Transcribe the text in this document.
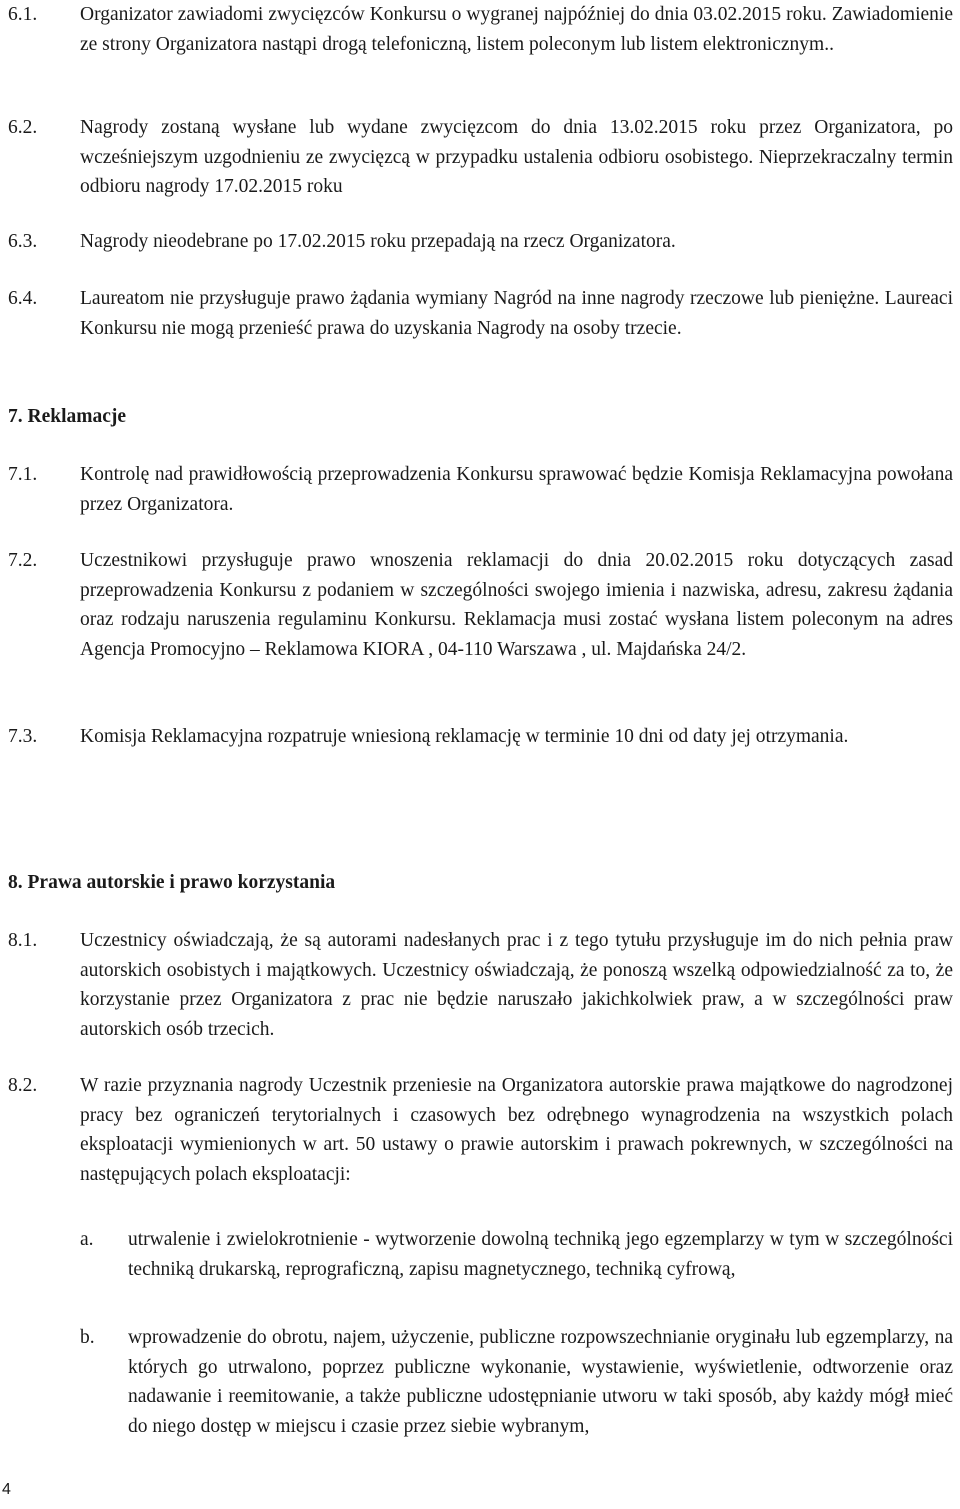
6.1.	Organizator zawiadomi zwycięzców Konkursu o wygranej najpóźniej do dnia 03.02.2015 roku. Zawiadomienie ze strony Organizatora nastąpi drogą telefoniczną, listem poleconym lub listem elektronicznym..
6.2.	Nagrody zostaną wysłane lub wydane zwycięzcom do dnia 13.02.2015 roku przez Organizatora, po wcześniejszym uzgodnieniu ze zwycięzcą w przypadku ustalenia odbioru osobistego. Nieprzekraczalny termin odbioru nagrody 17.02.2015 roku
6.3.	Nagrody nieodebrane po 17.02.2015 roku przepadają na rzecz Organizatora.
6.4.	Laureatom nie przysługuje prawo żądania wymiany Nagród na inne nagrody rzeczowe lub pieniężne. Laureaci Konkursu nie mogą przenieść prawa do uzyskania Nagrody na osoby trzecie.
7. Reklamacje
7.1.	Kontrolę nad prawidłowością przeprowadzenia Konkursu sprawować będzie Komisja Reklamacyjna powołana przez Organizatora.
7.2.	Uczestnikowi przysługuje prawo wnoszenia reklamacji do dnia 20.02.2015 roku dotyczących zasad przeprowadzenia Konkursu z podaniem w szczególności swojego imienia i nazwiska, adresu, zakresu żądania oraz rodzaju naruszenia regulaminu Konkursu. Reklamacja musi zostać wysłana listem poleconym na adres Agencja Promocyjno – Reklamowa KIORA , 04-110 Warszawa , ul. Majdańska 24/2.
7.3.	Komisja Reklamacyjna rozpatruje wniesioną reklamację w terminie 10 dni od daty jej otrzymania.
8. Prawa autorskie i prawo korzystania
8.1.	Uczestnicy oświadczają, że są autorami nadesłanych prac i z tego tytułu przysługuje im do nich pełnia praw autorskich osobistych i majątkowych. Uczestnicy oświadczają, że ponoszą wszelką odpowiedzialność za to, że korzystanie przez Organizatora z prac nie będzie naruszało jakichkolwiek praw, a w szczególności praw autorskich osób trzecich.
8.2.	W razie przyznania nagrody Uczestnik przeniesie na Organizatora autorskie prawa majątkowe do nagrodzonej pracy bez ograniczeń terytorialnych i czasowych bez odrębnego wynagrodzenia na wszystkich polach eksploatacji wymienionych w art. 50 ustawy o prawie autorskim i prawach pokrewnych, w szczególności na następujących polach eksploatacji:
a.	utrwalenie i zwielokrotnienie - wytworzenie dowolną techniką jego egzemplarzy w tym w szczególności techniką drukarską, reprograficzną, zapisu magnetycznego, techniką cyfrową,
b.	wprowadzenie do obrotu, najem, użyczenie, publiczne rozpowszechnianie oryginału lub egzemplarzy, na których go utrwalono, poprzez publiczne wykonanie, wystawienie, wyświetlenie, odtworzenie oraz nadawanie i reemitowanie, a także publiczne udostępnianie utworu w taki sposób, aby każdy mógł mieć do niego dostęp w miejscu i czasie przez siebie wybranym,
4
